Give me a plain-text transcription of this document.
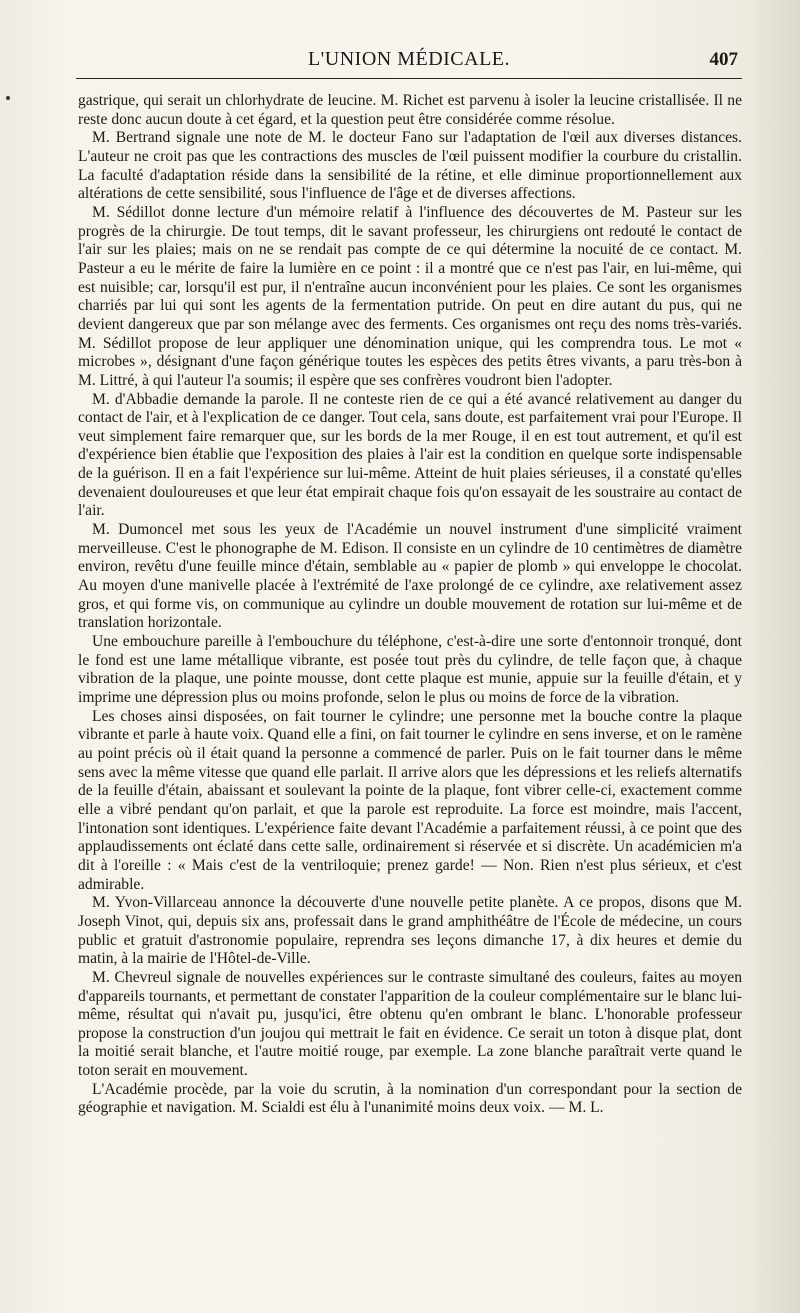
L'UNION MÉDICALE.	407

gastrique, qui serait un chlorhydrate de leucine. M. Richet est parvenu à isoler la leucine cristallisée. Il ne reste donc aucun doute à cet égard, et la question peut être considérée comme résolue.

M. Bertrand signale une note de M. le docteur Fano sur l'adaptation de l'œil aux diverses distances. L'auteur ne croit pas que les contractions des muscles de l'œil puissent modifier la courbure du cristallin. La faculté d'adaptation réside dans la sensibilité de la rétine, et elle diminue proportionnellement aux altérations de cette sensibilité, sous l'influence de l'âge et de diverses affections.

M. Sédillot donne lecture d'un mémoire relatif à l'influence des découvertes de M. Pasteur sur les progrès de la chirurgie. De tout temps, dit le savant professeur, les chirurgiens ont redouté le contact de l'air sur les plaies; mais on ne se rendait pas compte de ce qui détermine la nocuité de ce contact. M. Pasteur a eu le mérite de faire la lumière en ce point : il a montré que ce n'est pas l'air, en lui-même, qui est nuisible; car, lorsqu'il est pur, il n'entraîne aucun inconvénient pour les plaies. Ce sont les organismes charriés par lui qui sont les agents de la fermentation putride. On peut en dire autant du pus, qui ne devient dangereux que par son mélange avec des ferments. Ces organismes ont reçu des noms très-variés. M. Sédillot propose de leur appliquer une dénomination unique, qui les comprendra tous. Le mot « microbes », désignant d'une façon générique toutes les espèces des petits êtres vivants, a paru très-bon à M. Littré, à qui l'auteur l'a soumis; il espère que ses confrères voudront bien l'adopter.

M. d'Abbadie demande la parole. Il ne conteste rien de ce qui a été avancé relativement au danger du contact de l'air, et à l'explication de ce danger. Tout cela, sans doute, est parfaitement vrai pour l'Europe. Il veut simplement faire remarquer que, sur les bords de la mer Rouge, il en est tout autrement, et qu'il est d'expérience bien établie que l'exposition des plaies à l'air est la condition en quelque sorte indispensable de la guérison. Il en a fait l'expérience sur lui-même. Atteint de huit plaies sérieuses, il a constaté qu'elles devenaient douloureuses et que leur état empirait chaque fois qu'on essayait de les soustraire au contact de l'air.

M. Dumoncel met sous les yeux de l'Académie un nouvel instrument d'une simplicité vraiment merveilleuse. C'est le phonographe de M. Edison. Il consiste en un cylindre de 10 centimètres de diamètre environ, revêtu d'une feuille mince d'étain, semblable au « papier de plomb » qui enveloppe le chocolat. Au moyen d'une manivelle placée à l'extrémité de l'axe prolongé de ce cylindre, axe relativement assez gros, et qui forme vis, on communique au cylindre un double mouvement de rotation sur lui-même et de translation horizontale.

Une embouchure pareille à l'embouchure du téléphone, c'est-à-dire une sorte d'entonnoir tronqué, dont le fond est une lame métallique vibrante, est posée tout près du cylindre, de telle façon que, à chaque vibration de la plaque, une pointe mousse, dont cette plaque est munie, appuie sur la feuille d'étain, et y imprime une dépression plus ou moins profonde, selon le plus ou moins de force de la vibration.

Les choses ainsi disposées, on fait tourner le cylindre; une personne met la bouche contre la plaque vibrante et parle à haute voix. Quand elle a fini, on fait tourner le cylindre en sens inverse, et on le ramène au point précis où il était quand la personne a commencé de parler. Puis on le fait tourner dans le même sens avec la même vitesse que quand elle parlait. Il arrive alors que les dépressions et les reliefs alternatifs de la feuille d'étain, abaissant et soulevant la pointe de la plaque, font vibrer celle-ci, exactement comme elle a vibré pendant qu'on parlait, et que la parole est reproduite. La force est moindre, mais l'accent, l'intonation sont identiques. L'expérience faite devant l'Académie a parfaitement réussi, à ce point que des applaudissements ont éclaté dans cette salle, ordinairement si réservée et si discrète. Un académicien m'a dit à l'oreille : « Mais c'est de la ventriloquie; prenez garde! — Non. Rien n'est plus sérieux, et c'est admirable.

M. Yvon-Villarceau annonce la découverte d'une nouvelle petite planète. A ce propos, disons que M. Joseph Vinot, qui, depuis six ans, professait dans le grand amphithéâtre de l'École de médecine, un cours public et gratuit d'astronomie populaire, reprendra ses leçons dimanche 17, à dix heures et demie du matin, à la mairie de l'Hôtel-de-Ville.

M. Chevreul signale de nouvelles expériences sur le contraste simultané des couleurs, faites au moyen d'appareils tournants, et permettant de constater l'apparition de la couleur complémentaire sur le blanc lui-même, résultat qui n'avait pu, jusqu'ici, être obtenu qu'en ombrant le blanc. L'honorable professeur propose la construction d'un joujou qui mettrait le fait en évidence. Ce serait un toton à disque plat, dont la moitié serait blanche, et l'autre moitié rouge, par exemple. La zone blanche paraîtrait verte quand le toton serait en mouvement.

L'Académie procède, par la voie du scrutin, à la nomination d'un correspondant pour la section de géographie et navigation. M. Scialdi est élu à l'unanimité moins deux voix. — M. L.
